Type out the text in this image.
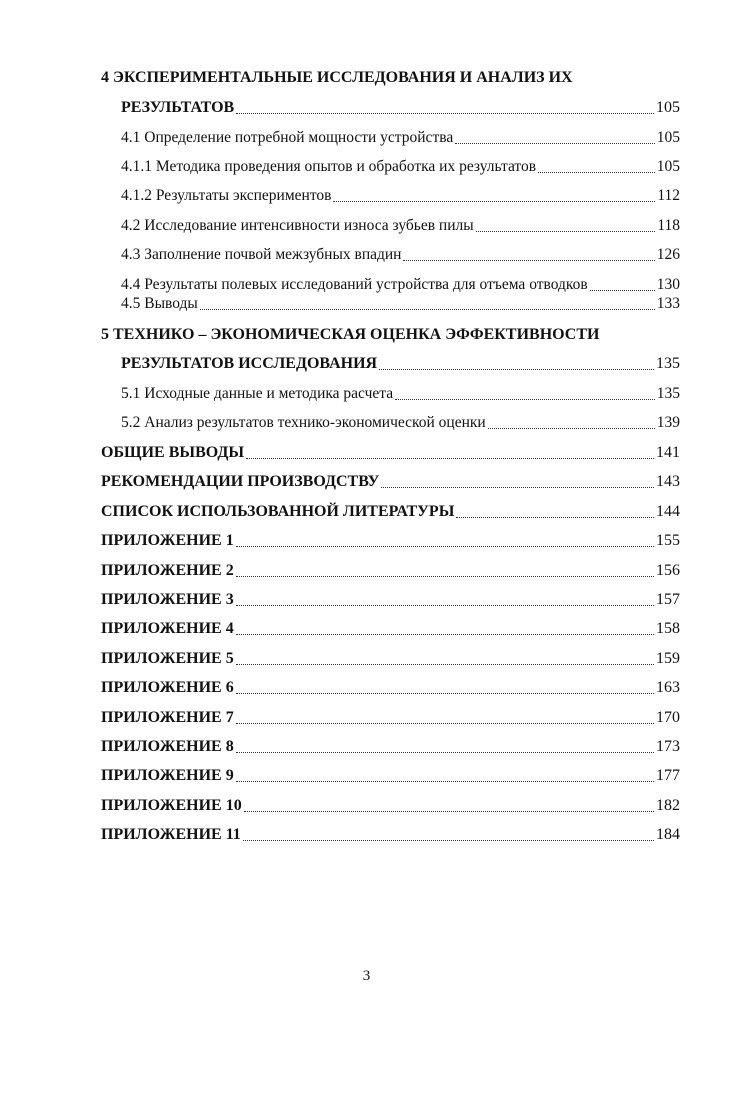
4 ЭКСПЕРИМЕНТАЛЬНЫЕ ИССЛЕДОВАНИЯ И АНАЛИЗ ИХ
РЕЗУЛЬТАТОВ	105
4.1 Определение потребной мощности устройства	105
4.1.1 Методика проведения опытов и обработка их результатов	105
4.1.2 Результаты экспериментов	112
4.2 Исследование интенсивности износа зубьев пилы	118
4.3 Заполнение почвой межзубных впадин	126
4.4 Результаты полевых исследований устройства для отъема отводков	130
4.5 Выводы	133
5 ТЕХНИКО – ЭКОНОМИЧЕСКАЯ ОЦЕНКА ЭФФЕКТИВНОСТИ
РЕЗУЛЬТАТОВ ИССЛЕДОВАНИЯ	135
5.1 Исходные данные и методика расчета	135
5.2 Анализ результатов технико-экономической оценки	139
ОБЩИЕ ВЫВОДЫ	141
РЕКОМЕНДАЦИИ ПРОИЗВОДСТВУ	143
СПИСОК ИСПОЛЬЗОВАННОЙ ЛИТЕРАТУРЫ	144
ПРИЛОЖЕНИЕ 1	155
ПРИЛОЖЕНИЕ 2	156
ПРИЛОЖЕНИЕ 3	157
ПРИЛОЖЕНИЕ 4	158
ПРИЛОЖЕНИЕ 5	159
ПРИЛОЖЕНИЕ 6	163
ПРИЛОЖЕНИЕ 7	170
ПРИЛОЖЕНИЕ 8	173
ПРИЛОЖЕНИЕ 9	177
ПРИЛОЖЕНИЕ 10	182
ПРИЛОЖЕНИЕ 11	184
3
